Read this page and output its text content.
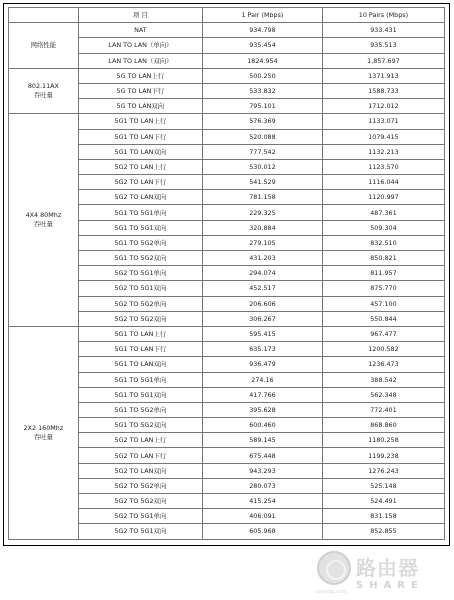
	项 目	1 Pair (Mbps)	10 Pairs (Mbps)

网络性能	NAT	934.798	933.431
	LAN TO LAN（单向）	935.454	935.513
	LAN TO LAN（双向）	1824.954	1,857.697

802.11AX
吞吐量	5G TO LAN上行	500.250	1371.913
	5G TO LAN下行	533.832	1588.733
	5G TO LAN双向	795.101	1712.012

4X4 80Mhz
吞吐量	5G1 TO LAN上行	576.369	1133.071
	5G1 TO LAN下行	520.088	1079.415
	5G1 TO LAN双向	777.542	1132.213
	5G2 TO LAN上行	530.012	1123.570
	5G2 TO LAN下行	541.529	1116.044
	5G2 TO LAN双向	781.158	1120.997
	5G1 TO 5G1单向	229.325	487.361
	5G1 TO 5G1双向	320.884	509.304
	5G1 TO 5G2单向	279.105	832.510
	5G1 TO 5G2双向	431.203	850.821
	5G2 TO 5G1单向	294.074	811.957
	5G2 TO 5G1双向	452.517	875.770
	5G2 TO 5G2单向	206.606	457.100
	5G2 TO 5G2双向	306.267	550.844

2X2 160Mhz
吞吐量	5G1 TO LAN上行	595.415	967.477
	5G1 TO LAN下行	635.173	1200.582
	5G1 TO LAN双向	936.479	1236.473
	5G1 TO 5G1单向	274.16	388.542
	5G1 TO 5G1双向	417.766	562.348
	5G1 TO 5G2单向	395.628	772.401
	5G1 TO 5G2双向	600.460	868.860
	5G2 TO LAN上行	589.145	1180.258
	5G2 TO LAN下行	675.448	1199.238
	5G2 TO LAN双向	943.293	1276.243
	5G2 TO 5G2单向	280.073	525.148
	5G2 TO 5G2双向	415.254	524.491
	5G2 TO 5G1单向	406.091	831.158
	5G2 TO 5G1双向	605.968	852.855
路由器
SHARE
luyouqi.com
